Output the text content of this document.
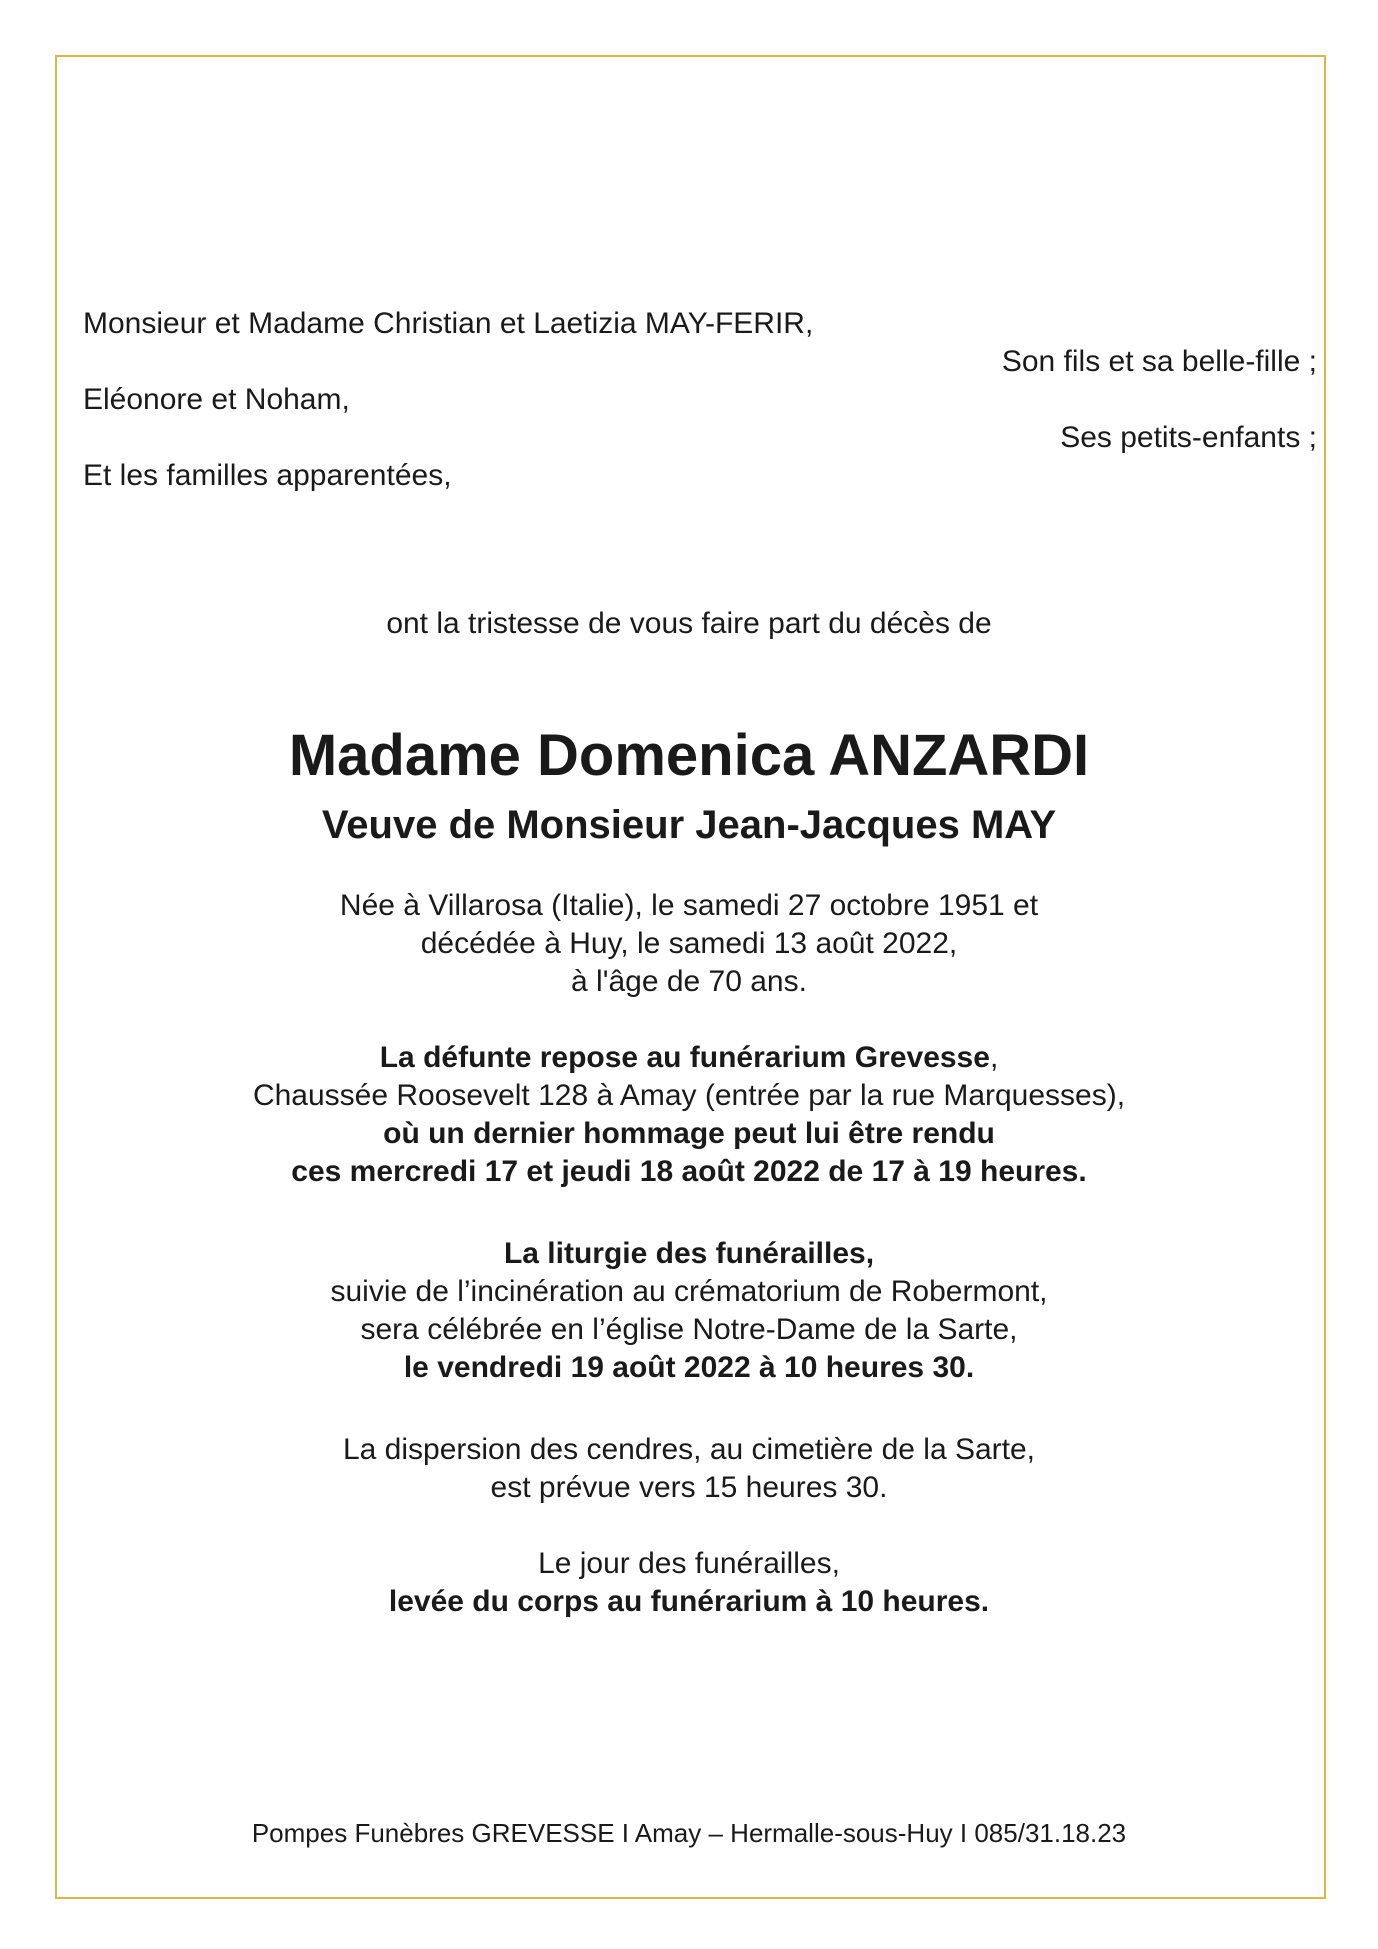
Monsieur et Madame Christian et Laetizia MAY-FERIR,
Son fils et sa belle-fille ;
Eléonore et Noham,
Ses petits-enfants ;
Et les familles apparentées,
ont la tristesse de vous faire part du décès de
Madame Domenica ANZARDI
Veuve de Monsieur Jean-Jacques MAY
Née à Villarosa (Italie), le samedi 27 octobre 1951 et
décédée à Huy, le samedi 13 août 2022,
à l'âge de 70 ans.
La défunte repose au funérarium Grevesse,
Chaussée Roosevelt 128 à Amay (entrée par la rue Marquesses),
où un dernier hommage peut lui être rendu
ces mercredi 17 et jeudi 18 août 2022 de 17 à 19 heures.
La liturgie des funérailles,
suivie de l’incinération au crématorium de Robermont,
sera célébrée en l’église Notre-Dame de la Sarte,
le vendredi 19 août 2022 à 10 heures 30.
La dispersion des cendres, au cimetière de la Sarte,
est prévue vers 15 heures 30.
Le jour des funérailles,
levée du corps au funérarium à 10 heures.
Pompes Funèbres GREVESSE I Amay – Hermalle-sous-Huy I 085/31.18.23
